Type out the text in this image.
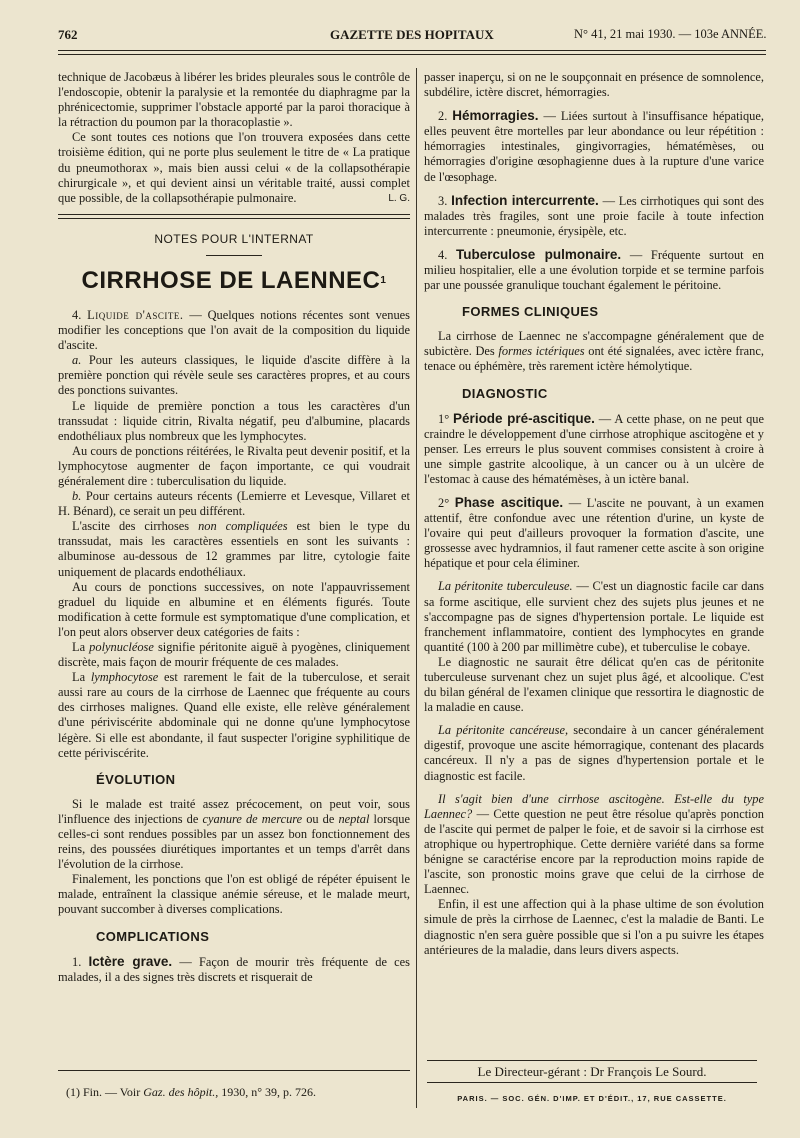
762	GAZETTE DES HOPITAUX	N° 41, 21 mai 1930. — 103e ANNÉE.

technique de Jacobæus à libérer les brides pleurales sous le contrôle de l'endoscopie, obtenir la paralysie et la remontée du diaphragme par la phrénicectomie, supprimer l'obstacle apporté par la paroi thoracique à la rétraction du poumon par la thoracoplastie ».

Ce sont toutes ces notions que l'on trouvera exposées dans cette troisième édition, qui ne porte plus seulement le titre de « La pratique du pneumothorax », mais bien aussi celui « de la collapsothérapie chirurgicale », et qui devient ainsi un véritable traité, aussi complet que possible, de la collapsothérapie pulmonaire.	L. G.

NOTES POUR L'INTERNAT
CIRRHOSE DE LAENNEC$^1$

4. Liquide d'ascite. — Quelques notions récentes sont venues modifier les conceptions que l'on avait de la composition du liquide d'ascite.

a. Pour les auteurs classiques, le liquide d'ascite diffère à la première ponction qui révèle seule ses caractères propres, et au cours des ponctions suivantes.

Le liquide de première ponction a tous les caractères d'un transsudat : liquide citrin, Rivalta négatif, peu d'albumine, placards endothéliaux plus nombreux que les lymphocytes.

Au cours de ponctions réitérées, le Rivalta peut devenir positif, et la lymphocytose augmenter de façon importante, ce qui voudrait généralement dire : tuberculisation du liquide.

b. Pour certains auteurs récents (Lemierre et Levesque, Villaret et H. Bénard), ce serait un peu différent.

L'ascite des cirrhoses non compliquées est bien le type du transsudat, mais les caractères essentiels en sont les suivants : albuminose au-dessous de 12 grammes par litre, cytologie faite uniquement de placards endothéliaux.

Au cours de ponctions successives, on note l'appauvrissement graduel du liquide en albumine et en éléments figurés. Toute modification à cette formule est symptomatique d'une complication, et l'on peut alors observer deux catégories de faits :

La polynucléose signifie péritonite aiguë à pyogènes, cliniquement discrète, mais façon de mourir fréquente de ces malades.

La lymphocytose est rarement le fait de la tuberculose, et serait aussi rare au cours de la cirrhose de Laennec que fréquente au cours des cirrhoses malignes. Quand elle existe, elle relève généralement d'une périviscérite abdominale qui ne donne qu'une lymphocytose légère. Si elle est abondante, il faut suspecter l'origine syphilitique de cette périviscérite.

ÉVOLUTION

Si le malade est traité assez précocement, on peut voir, sous l'influence des injections de cyanure de mercure ou de neptal lorsque celles-ci sont rendues possibles par un assez bon fonctionnement des reins, des poussées diurétiques importantes et un temps d'arrêt dans l'évolution de la cirrhose.

Finalement, les ponctions que l'on est obligé de répéter épuisent le malade, entraînent la classique anémie séreuse, et le malade meurt, pouvant succomber à diverses complications.

COMPLICATIONS

1. Ictère grave. — Façon de mourir très fréquente de ces malades, il a des signes très discrets et risquerait de

(1) Fin. — Voir Gaz. des hôpit., 1930, n° 39, p. 726.

passer inaperçu, si on ne le soupçonnait en présence de somnolence, subdélire, ictère discret, hémorragies.

2. Hémorragies. — Liées surtout à l'insuffisance hépatique, elles peuvent être mortelles par leur abondance ou leur répétition : hémorragies intestinales, gingivorragies, hématémèses, ou hémorragies d'origine œsophagienne dues à la rupture d'une varice de l'œsophage.

3. Infection intercurrente. — Les cirrhotiques qui sont des malades très fragiles, sont une proie facile à toute infection intercurrente : pneumonie, érysipèle, etc.

4. Tuberculose pulmonaire. — Fréquente surtout en milieu hospitalier, elle a une évolution torpide et se termine parfois par une poussée granulique touchant également le péritoine.

FORMES CLINIQUES

La cirrhose de Laennec ne s'accompagne généralement que de subictère. Des formes ictériques ont été signalées, avec ictère franc, tenace ou éphémère, très rarement ictère hémolytique.

DIAGNOSTIC

1° Période pré-ascitique. — A cette phase, on ne peut que craindre le développement d'une cirrhose atrophique ascitogène et y penser. Les erreurs le plus souvent commises consistent à croire à une simple gastrite alcoolique, à un cancer ou à un ulcère de l'estomac à cause des hématémèses, à un ictère banal.

2° Phase ascitique. — L'ascite ne pouvant, à un examen attentif, être confondue avec une rétention d'urine, un kyste de l'ovaire qui peut d'ailleurs provoquer la formation d'ascite, une grossesse avec hydramnios, il faut ramener cette ascite à son origine hépatique et pour cela éliminer.

La péritonite tuberculeuse. — C'est un diagnostic facile car dans sa forme ascitique, elle survient chez des sujets plus jeunes et ne s'accompagne pas de signes d'hypertension portale. Le liquide est franchement inflammatoire, contient des lymphocytes en grande quantité (100 à 200 par millimètre cube), et tuberculise le cobaye.

Le diagnostic ne saurait être délicat qu'en cas de péritonite tuberculeuse survenant chez un sujet plus âgé, et alcoolique. C'est du bilan général de l'examen clinique que ressortira le diagnostic de la maladie en cause.

La péritonite cancéreuse, secondaire à un cancer généralement digestif, provoque une ascite hémorragique, contenant des placards cancéreux. Il n'y a pas de signes d'hypertension portale et le diagnostic est facile.

Il s'agit bien d'une cirrhose ascitogène. Est-elle du type Laennec? — Cette question ne peut être résolue qu'après ponction de l'ascite qui permet de palper le foie, et de savoir si la cirrhose est atrophique ou hypertrophique. Cette dernière variété dans sa forme bénigne se caractérise encore par la reproduction moins rapide de l'ascite, son pronostic moins grave que celui de la cirrhose de Laennec.

Enfin, il est une affection qui à la phase ultime de son évolution simule de près la cirrhose de Laennec, c'est la maladie de Banti. Le diagnostic n'en sera guère possible que si l'on a pu suivre les étapes antérieures de la maladie, dans leurs divers aspects.

Le Directeur-gérant : Dr François Le Sourd.
PARIS. — SOC. GÉN. D'IMP. ET D'ÉDIT., 17, RUE CASSETTE.
